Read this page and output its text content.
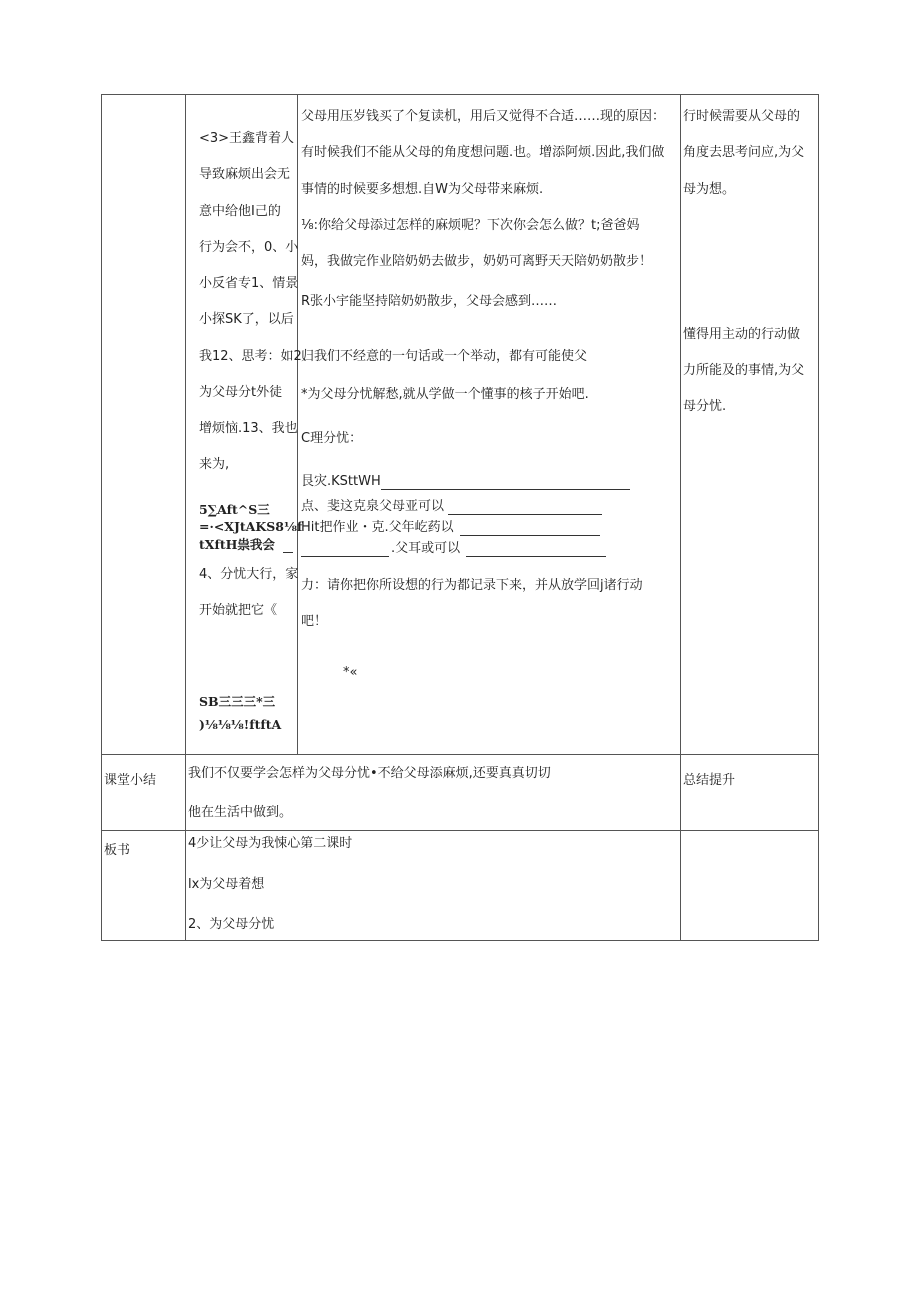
<3>王鑫背着人
导致麻烦出会无
意中给他I己的
行为会不，0、小
小反省专1、情景
小探SK了，以后
我12、思考：如2、
为父母分t外徒
增烦恼.13、我也
来为,
5∑Aft^S三
=·<XJtAKS8⅛f
tXftH祟我会
4、分忧大行，家
开始就把它《
SB三三三*三
)⅛⅛⅛!ftftA
父母用压岁钱买了个复读机，用后又觉得不合适……现的原因：
有时候我们不能从父母的角度想问题.也。增添阿烦.因此,我们做
事情的时候要多想想.自W为父母带来麻烦.
⅛:你给父母添过怎样的麻烦呢？下次你会怎么做？t;爸爸妈
妈，我做完作业陪奶奶去做步，奶奶可离野天天陪奶奶散步！
R张小宇能坚持陪奶奶散步，父母会感到……
归我们不经意的一句话或一个举动，都有可能使父
*为父母分忧解愁,就从学做一个懂事的核子开始吧.
C理分忧：
艮灾.KSttWH
点、斐这克泉父母亚可以
Hit把作业・克.父年屹药以
.父耳或可以
力：请你把你所设想的行为都记录下来，并从放学回j诸行动
吧！
*«
行时候需要从父母的
角度去思考问应,为父
母为想。
懂得用主动的行动做
力所能及的事情,为父
母分忧.
课堂小结 我们不仅要学会怎样为父母分忧•不给父母添麻烦,还要真真切切
他在生活中做到。
总结提升
板书	4少让父母为我悚心第二课时
lx为父母着想
2、为父母分忧
